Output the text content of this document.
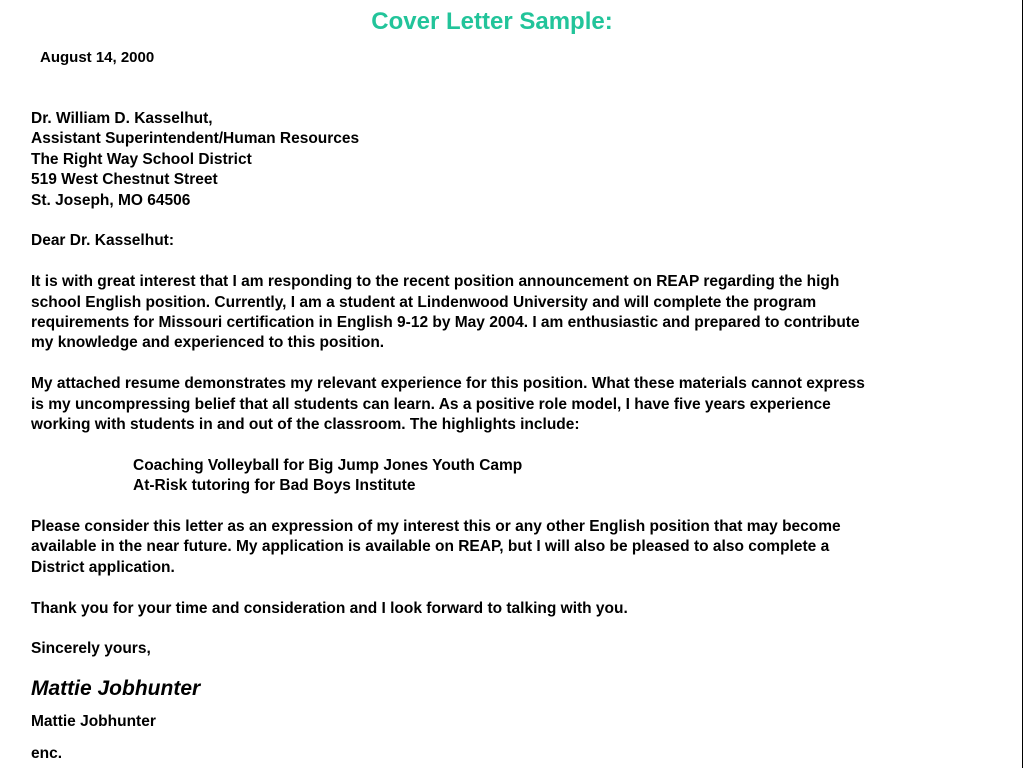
Cover Letter Sample:
August 14, 2000
Dr. William D. Kasselhut,
Assistant Superintendent/Human Resources
The Right Way School District
519 West Chestnut Street
St. Joseph, MO 64506
Dear Dr. Kasselhut:
It is with great interest that I am responding to the recent position announcement on REAP regarding the high
school English position. Currently, I am a student at Lindenwood University and will complete the program
requirements for Missouri certification in English 9-12 by May 2004. I am enthusiastic and prepared to contribute
my knowledge and experienced to this position.
My attached resume demonstrates my relevant experience for this position. What these materials cannot express
is my uncompressing belief that all students can learn. As a positive role model, I have five years experience
working with students in and out of the classroom. The highlights include:
Coaching Volleyball for Big Jump Jones Youth Camp
At-Risk tutoring for Bad Boys Institute
Please consider this letter as an expression of my interest this or any other English position that may become
available in the near future. My application is available on REAP, but I will also be pleased to also complete a
District application.
Thank you for your time and consideration and I look forward to talking with you.
Sincerely yours,
Mattie Jobhunter
Mattie Jobhunter
enc.
